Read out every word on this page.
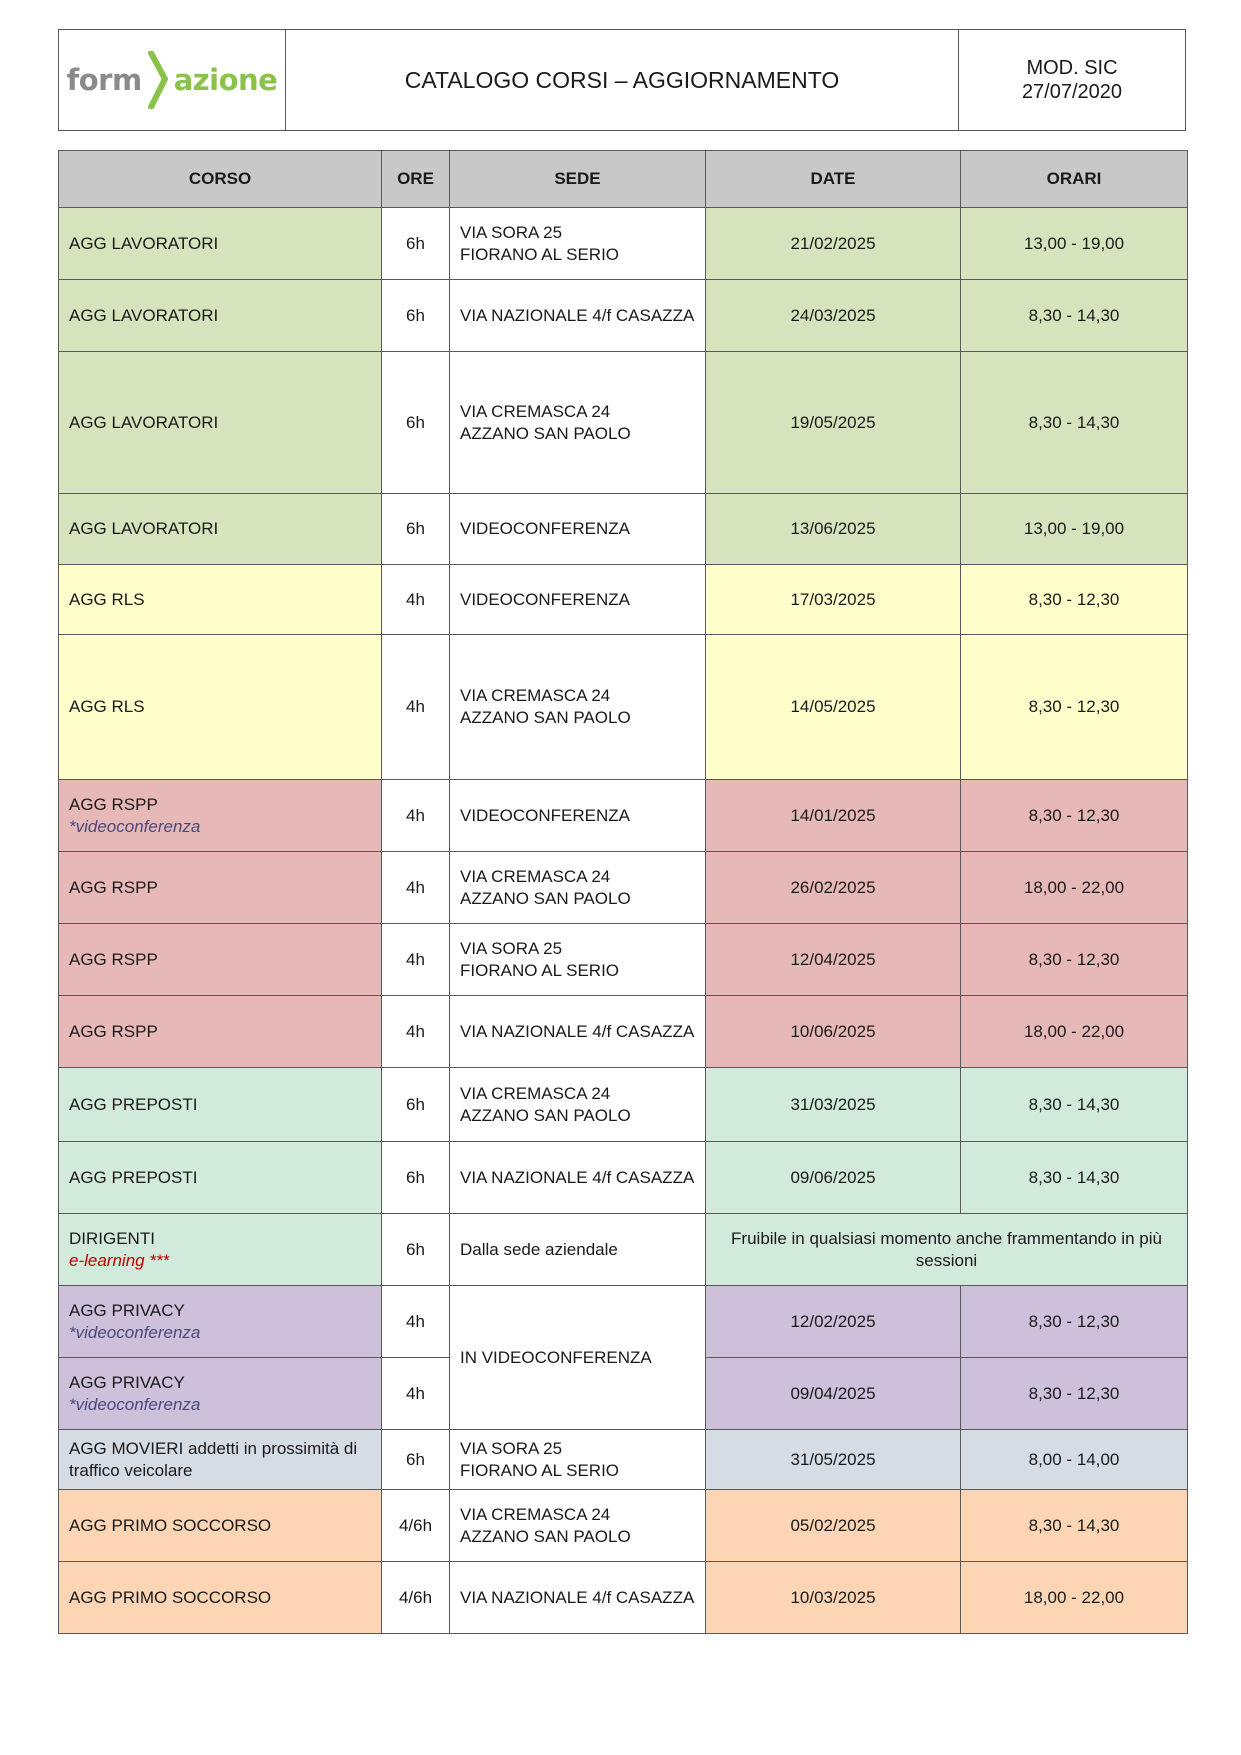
form azione	CATALOGO CORSI – AGGIORNAMENTO	MOD. SIC
27/07/2020
CORSO	ORE	SEDE	DATE	ORARI
AGG LAVORATORI	6h	VIA SORA 25
FIORANO AL SERIO	21/02/2025	13,00 - 19,00
AGG LAVORATORI	6h	VIA NAZIONALE 4/f CASAZZA	24/03/2025	8,30 - 14,30
AGG LAVORATORI	6h	VIA CREMASCA 24
AZZANO SAN PAOLO	19/05/2025	8,30 - 14,30
AGG LAVORATORI	6h	VIDEOCONFERENZA	13/06/2025	13,00 - 19,00
AGG RLS	4h	VIDEOCONFERENZA	17/03/2025	8,30 - 12,30
AGG RLS	4h	VIA CREMASCA 24
AZZANO SAN PAOLO	14/05/2025	8,30 - 12,30

AGG RSPP
*videoconferenza	4h	VIDEOCONFERENZA	14/01/2025	8,30 - 12,30
AGG RSPP	4h	VIA CREMASCA 24
AZZANO SAN PAOLO	26/02/2025	18,00 - 22,00
AGG RSPP	4h	VIA SORA 25
FIORANO AL SERIO	12/04/2025	8,30 - 12,30
AGG RSPP	4h	VIA NAZIONALE 4/f CASAZZA	10/06/2025	18,00 - 22,00
AGG PREPOSTI	6h	VIA CREMASCA 24
AZZANO SAN PAOLO	31/03/2025	8,30 - 14,30
AGG PREPOSTI	6h	VIA NAZIONALE 4/f CASAZZA	09/06/2025	8,30 - 14,30

DIRIGENTI
e-learning ***	6h	Dalla sede aziendale	Fruibile in qualsiasi momento anche frammentando in più sessioni	

AGG PRIVACY
*videoconferenza	4h	IN VIDEOCONFERENZA	12/02/2025	8,30 - 12,30

AGG PRIVACY
*videoconferenza	4h		09/04/2025	8,30 - 12,30
AGG MOVIERI addetti in prossimità di traffico veicolare	6h	VIA SORA 25
FIORANO AL SERIO	31/05/2025	8,00 - 14,00
AGG PRIMO SOCCORSO	4/6h	VIA CREMASCA 24
AZZANO SAN PAOLO	05/02/2025	8,30 - 14,30
AGG PRIMO SOCCORSO	4/6h	VIA NAZIONALE 4/f CASAZZA	10/03/2025	18,00 - 22,00
